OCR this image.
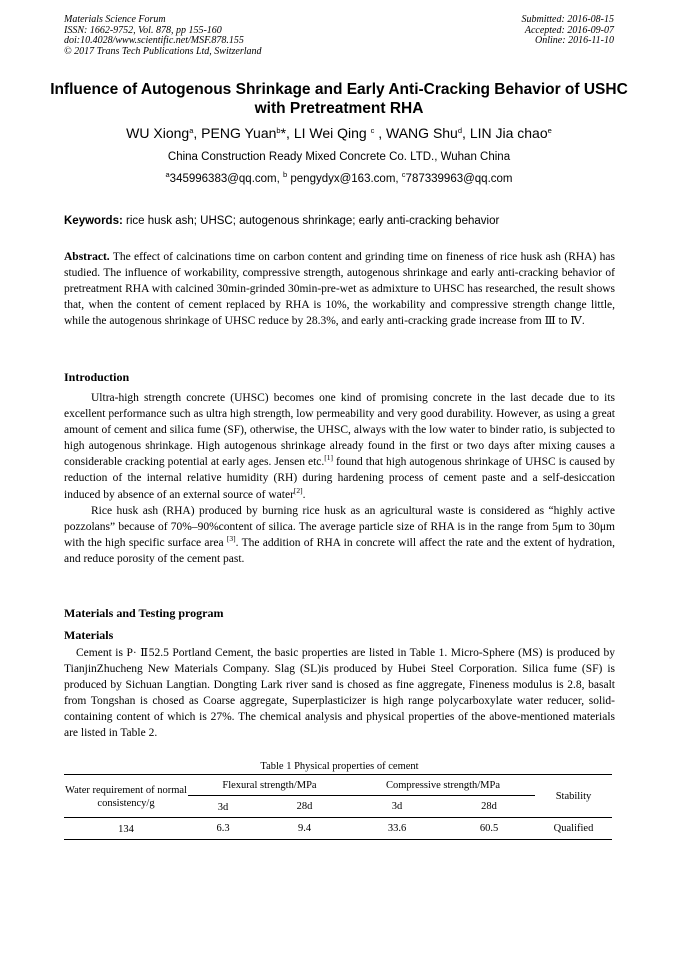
Materials Science Forum
ISSN: 1662-9752, Vol. 878, pp 155-160
doi:10.4028/www.scientific.net/MSF.878.155
© 2017 Trans Tech Publications Ltd, Switzerland
Submitted: 2016-08-15
Accepted: 2016-09-07
Online: 2016-11-10
Influence of Autogenous Shrinkage and Early Anti-Cracking Behavior of USHC with Pretreatment RHA
WU Xiong$^a$, PENG Yuan$^b$*, LI Wei Qing $^c$ , WANG Shu$^d$, LIN Jia chao$^e$
China Construction Ready Mixed Concrete Co. LTD., Wuhan China
$^a$345996383@qq.com, $^b$ pengydyx@163.com, $^c$787339963@qq.com
Keywords: rice husk ash; UHSC; autogenous shrinkage; early anti-cracking behavior
Abstract. The effect of calcinations time on carbon content and grinding time on fineness of rice husk ash (RHA) has studied. The influence of workability, compressive strength, autogenous shrinkage and early anti-cracking behavior of pretreatment RHA with calcined 30min-grinded 30min-pre-wet as admixture to UHSC has researched, the result shows that, when the content of cement replaced by RHA is 10%, the workability and compressive strength change little, while the autogenous shrinkage of UHSC reduce by 28.3%, and early anti-cracking grade increase from Ⅲ to Ⅳ.
Introduction

Ultra-high strength concrete (UHSC) becomes one kind of promising concrete in the last decade due to its excellent performance such as ultra high strength, low permeability and very good durability. However, as using a great amount of cement and silica fume (SF), otherwise, the UHSC, always with the low water to binder ratio, is subjected to high autogenous shrinkage. High autogenous shrinkage already found in the first or two days after mixing causes a considerable cracking potential at early ages. Jensen etc.[1] found that high autogenous shrinkage of UHSC is caused by reduction of the internal relative humidity (RH) during hardening process of cement paste and a self-desiccation induced by absence of an external source of water[2].

Rice husk ash (RHA) produced by burning rice husk as an agricultural waste is considered as “highly active pozzolans” because of 70%–90%content of silica. The average particle size of RHA is in the range from 5μm to 30μm with the high specific surface area [3]. The addition of RHA in concrete will affect the rate and the extent of hydration, and reduce porosity of the cement past.

Materials and Testing program
Materials

Cement is P· Ⅱ52.5 Portland Cement, the basic properties are listed in Table 1. Micro-Sphere (MS) is produced by TianjinZhucheng New Materials Company. Slag (SL)is produced by Hubei Steel Corporation. Silica fume (SF) is produced by Sichuan Langtian. Dongting Lark river sand is chosed as fine aggregate, Fineness modulus is 2.8, basalt from Tongshan is chosed as Coarse aggregate, Superplasticizer is high range polycarboxylate water reducer, solid-containing content of which is 27%. The chemical analysis and physical properties of the above-mentioned materials are listed in Table 2.

Table 1 Physical properties of cement
Water requirement of normal consistency/g	Flexural strength/MPa		Compressive strength/MPa		Stability
	3d	28d	3d	28d	
134	6.3	9.4	33.6	60.5	Qualified
